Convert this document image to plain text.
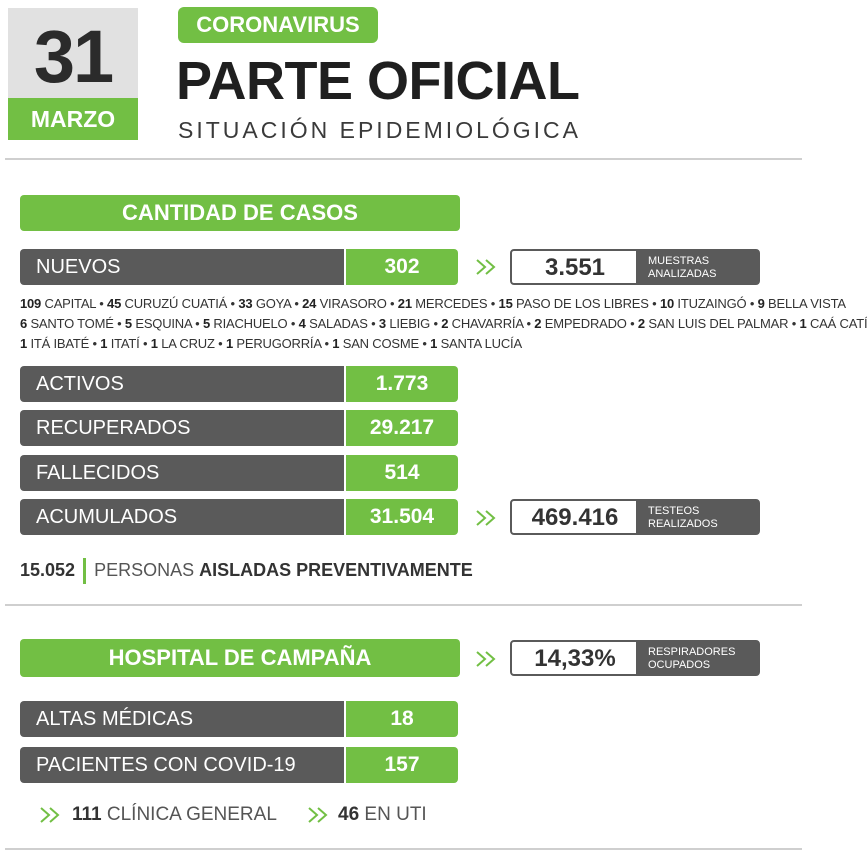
31
MARZO
CORONAVIRUS
PARTE OFICIAL
SITUACIÓN EPIDEMIOLÓGICA
CANTIDAD DE CASOS
NUEVOS	302	3.551	MUESTRAS
ANALIZADAS
109 CAPITAL • 45 CURUZÚ CUATIÁ • 33 GOYA • 24 VIRASORO • 21 MERCEDES • 15 PASO DE LOS LIBRES • 10 ITUZAINGÓ • 9 BELLA VISTA
6 SANTO TOMÉ • 5 ESQUINA • 5 RIACHUELO • 4 SALADAS • 3 LIEBIG • 2 CHAVARRÍA • 2 EMPEDRADO • 2 SAN LUIS DEL PALMAR • 1 CAÁ CATÍ
1 ITÁ IBATÉ • 1 ITATÍ • 1 LA CRUZ • 1 PERUGORRÍA • 1 SAN COSME • 1 SANTA LUCÍA
ACTIVOS	1.773
RECUPERADOS	29.217
FALLECIDOS	514
ACUMULADOS	31.504	469.416	TESTEOS
REALIZADOS
15.052 PERSONAS AISLADAS PREVENTIVAMENTE
HOSPITAL DE CAMPAÑA	14,33%	RESPIRADORES
OCUPADOS
ALTAS MÉDICAS	18
PACIENTES CON COVID-19	157
111 CLÍNICA GENERAL	46 EN UTI
